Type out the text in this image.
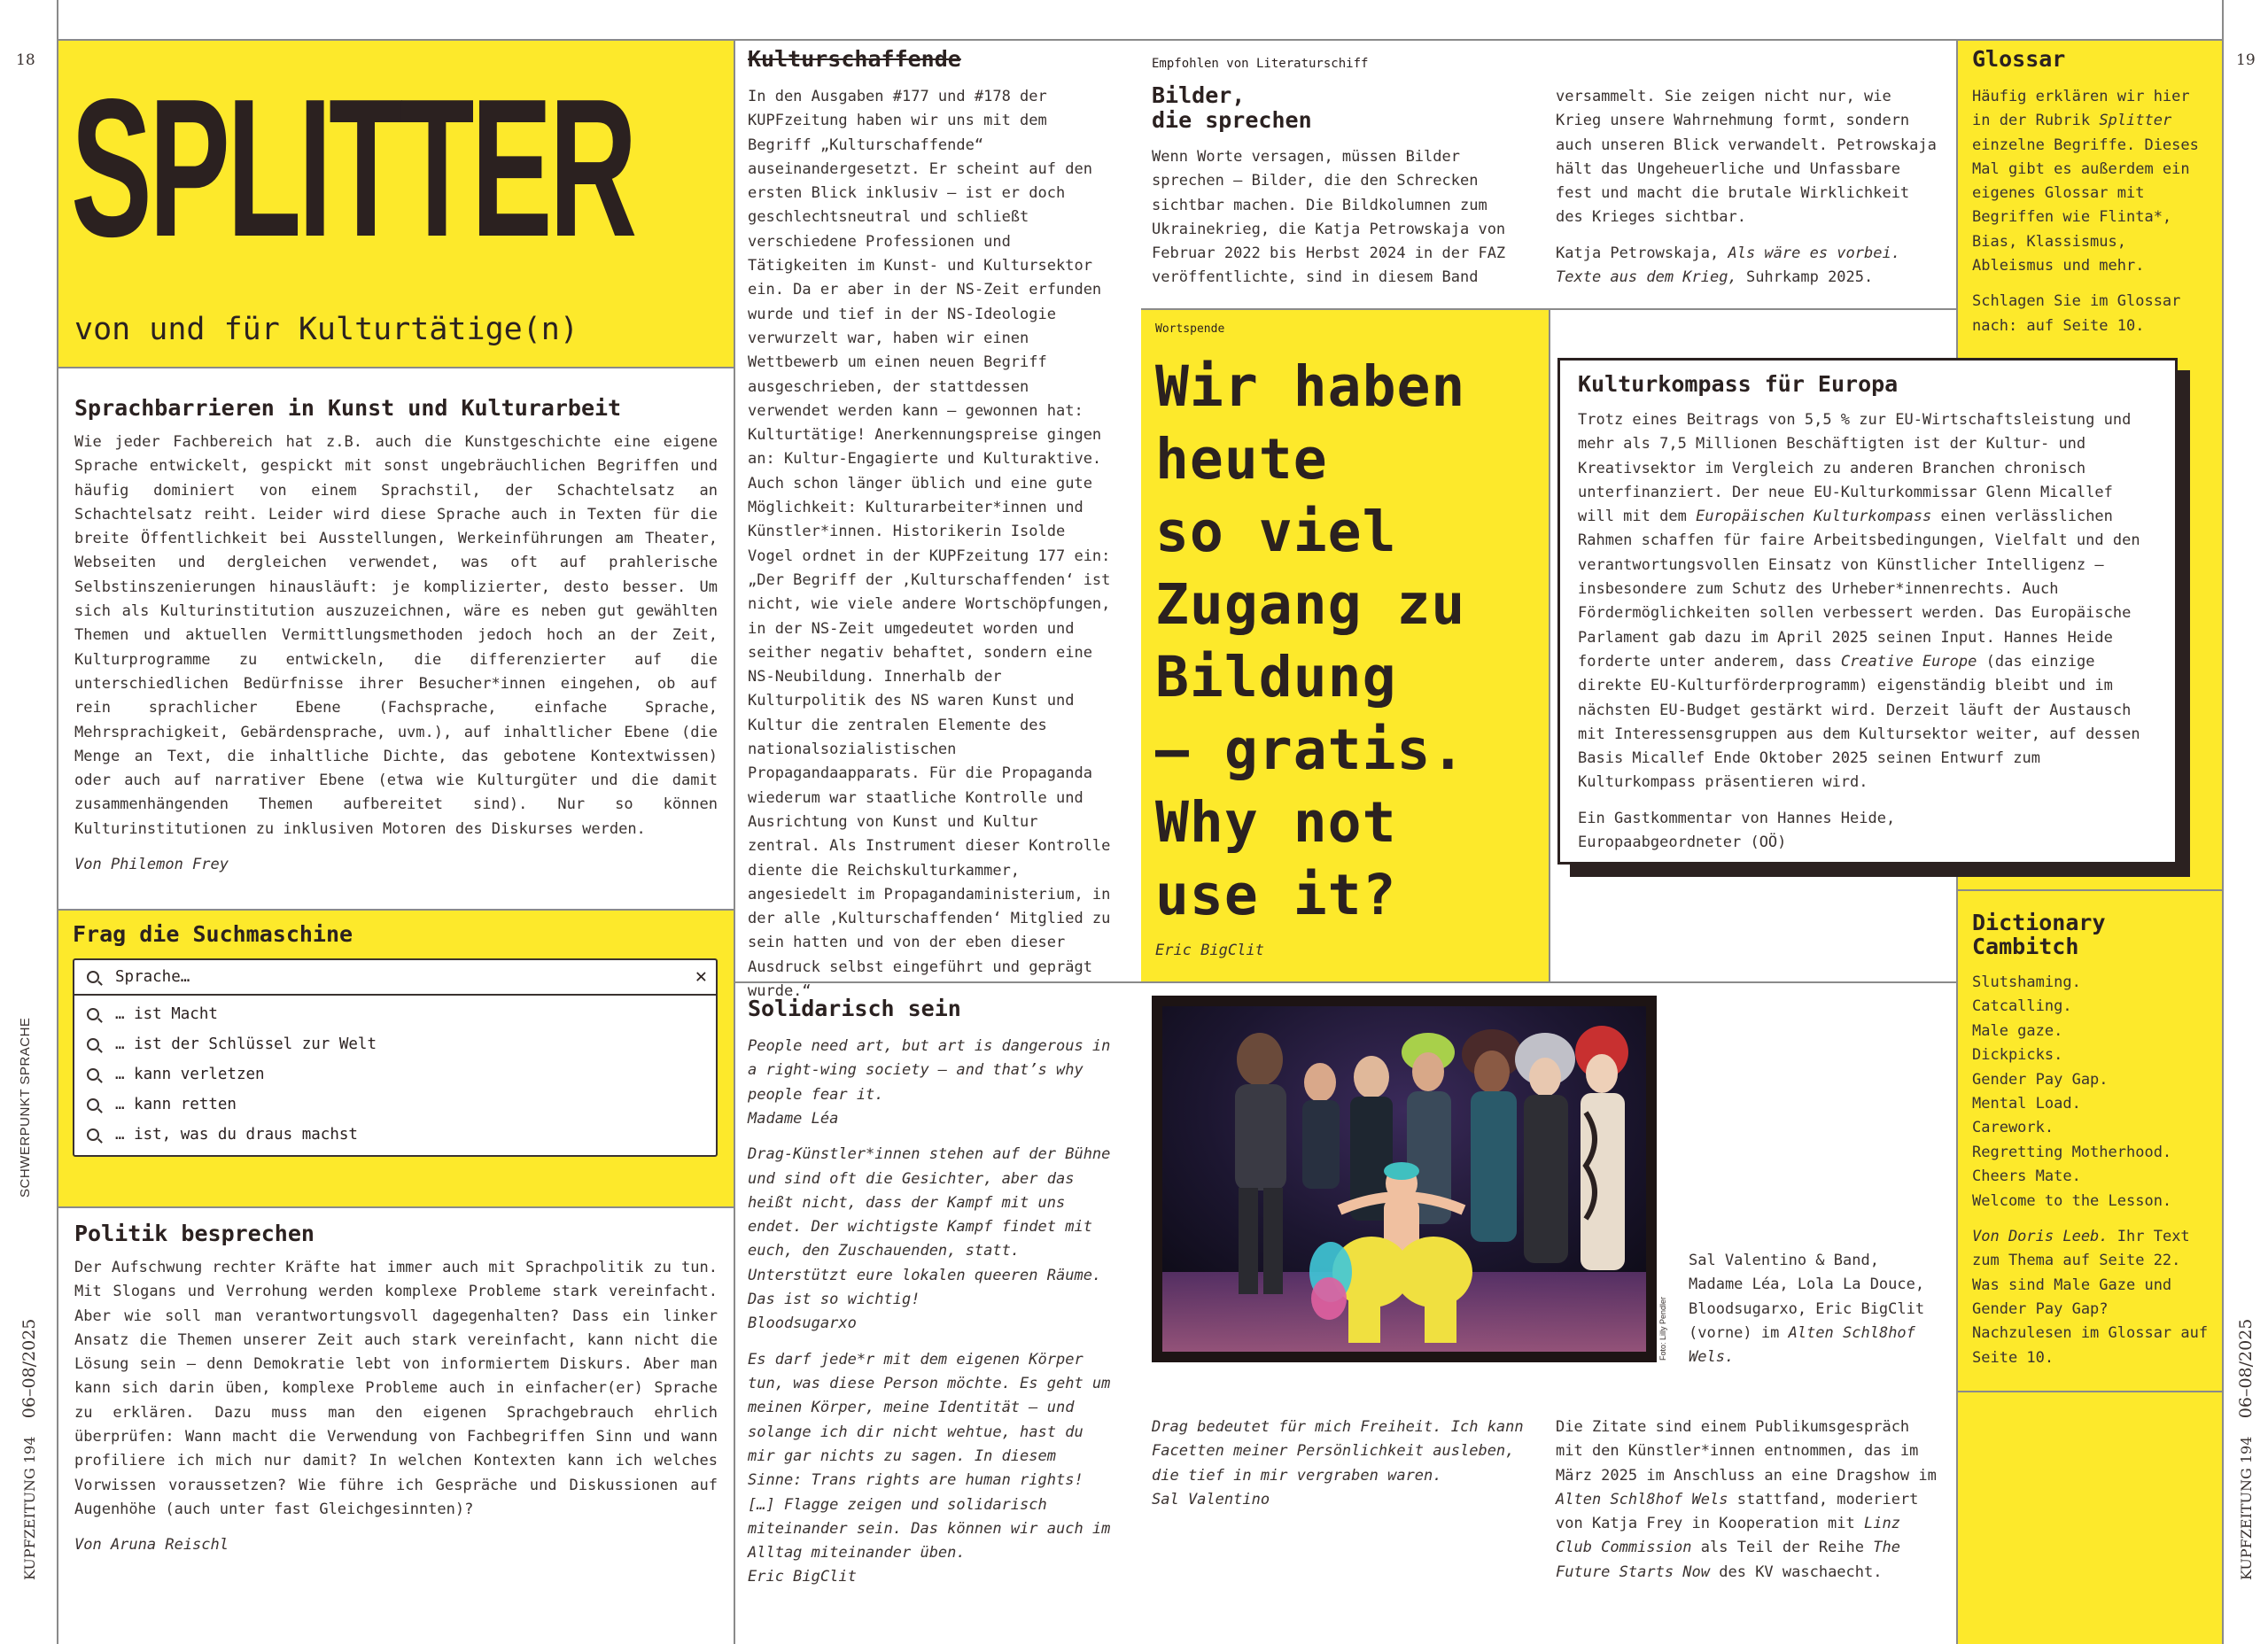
18	19
SCHWERPUNKT SPRACHE
KUPFZEITUNG 194    06–08/2025
KUPFZEITUNG 194    06–08/2025
SPLITTER
von und für Kulturtätige(n)
Sprachbarrieren in Kunst und Kulturarbeit
Wie jeder Fachbereich hat z.B. auch die Kunstgeschichte eine eigene Sprache entwickelt, gespickt mit sonst ungebräuchlichen Begriffen und häufig dominiert von einem Sprachstil, der Schachtelsatz an Schachtelsatz reiht. Leider wird diese Sprache auch in Texten für die breite Öffentlichkeit bei Ausstellungen, Werkeinführungen am Theater, Webseiten und dergleichen verwendet, was oft auf prahlerische Selbstinszenierungen hinausläuft: je komplizierter, desto besser. Um sich als Kulturinstitution auszuzeichnen, wäre es neben gut gewählten Themen und aktuellen Vermittlungsmethoden jedoch hoch an der Zeit, Kulturprogramme zu entwickeln, die differenzierter auf die unterschiedlichen Bedürfnisse ihrer Besucher*innen eingehen, ob auf rein sprachlicher Ebene (Fachsprache, einfache Sprache, Mehrsprachigkeit, Gebärdensprache, uvm.), auf inhaltlicher Ebene (die Menge an Text, die inhaltliche Dichte, das gebotene Kontextwissen) oder auch auf narrativer Ebene (etwa wie Kulturgüter und die damit zusammenhängenden Themen aufbereitet sind). Nur so können Kulturinstitutionen zu inklusiven Motoren des Diskurses werden.
Von Philemon Frey
Frag die Suchmaschine
Sprache…	✕
… ist Macht
… ist der Schlüssel zur Welt
… kann verletzen
… kann retten
… ist, was du draus machst
Politik besprechen
Der Aufschwung rechter Kräfte hat immer auch mit Sprachpolitik zu tun. Mit Slogans und Verrohung werden komplexe Probleme stark vereinfacht. Aber wie soll man verantwortungsvoll dagegenhalten? Dass ein linker Ansatz die Themen unserer Zeit auch stark vereinfacht, kann nicht die Lösung sein – denn Demokratie lebt von informiertem Diskurs. Aber man kann sich darin üben, komplexe Probleme auch in einfacher(er) Sprache zu erklären. Dazu muss man den eigenen Sprachgebrauch ehrlich überprüfen: Wann macht die Verwendung von Fachbegriffen Sinn und wann profiliere ich mich nur damit? In welchen Kontexten kann ich welches Vorwissen voraussetzen? Wie führe ich Gespräche und Diskussionen auf Augenhöhe (auch unter fast Gleichgesinnten)?
Von Aruna Reischl
Kulturschaffende
In den Ausgaben #177 und #178 der KUPFzeitung haben wir uns mit dem Begriff „Kulturschaffende“ auseinandergesetzt. Er scheint auf den ersten Blick inklusiv – ist er doch geschlechtsneutral und schließt verschiedene Professionen und Tätigkeiten im Kunst- und Kultursektor ein. Da er aber in der NS-Zeit erfunden wurde und tief in der NS-Ideologie verwurzelt war, haben wir einen Wettbewerb um einen neuen Begriff ausgeschrieben, der stattdessen verwendet werden kann – gewonnen hat: Kulturtätige! Anerkennungspreise gingen an: Kultur-Engagierte und Kulturaktive. Auch schon länger üblich und eine gute Möglichkeit: Kulturarbeiter*innen und Künstler*innen. Historikerin Isolde Vogel ordnet in der KUPFzeitung 177 ein: „Der Begriff der ‚Kulturschaffenden‘ ist nicht, wie viele andere Wortschöpfungen, in der NS-Zeit umgedeutet worden und seither negativ behaftet, sondern eine NS-Neubildung. Innerhalb der Kulturpolitik des NS waren Kunst und Kultur die zentralen Elemente des nationalsozialistischen Propagandaapparats. Für die Propaganda wiederum war staatliche Kontrolle und Ausrichtung von Kunst und Kultur zentral. Als Instrument dieser Kontrolle diente die Reichskulturkammer, angesiedelt im Propagandaministerium, in der alle ‚Kulturschaffenden‘ Mitglied zu sein hatten und von der eben dieser Ausdruck selbst eingeführt und geprägt wurde.“
Empfohlen von Literaturschiff
Bilder,
die sprechen
Wenn Worte versagen, müssen Bilder sprechen – Bilder, die den Schrecken sichtbar machen. Die Bildkolumnen zum Ukrainekrieg, die Katja Petrowskaja von Februar 2022 bis Herbst 2024 in der FAZ veröffentlichte, sind in diesem Band
versammelt. Sie zeigen nicht nur, wie Krieg unsere Wahrnehmung formt, sondern auch unseren Blick verwandelt. Petrowskaja hält das Ungeheuerliche und Unfassbare fest und macht die brutale Wirklichkeit des Krieges sichtbar.
Katja Petrowskaja, Als wäre es vorbei. Texte aus dem Krieg, Suhrkamp 2025.
Glossar
Häufig erklären wir hier in der Rubrik Splitter einzelne Begriffe. Dieses Mal gibt es außerdem ein eigenes Glossar mit Begriffen wie Flinta*, Bias, Klassismus, Ableismus und mehr.
Schlagen Sie im Glossar nach: auf Seite 10.
Wortspende
Wir haben
heute
so viel
Zugang zu
Bildung
– gratis.
Why not
use it?
Eric BigClit
Kulturkompass für Europa
Trotz eines Beitrags von 5,5 % zur EU-Wirtschaftsleistung und mehr als 7,5 Millionen Beschäftigten ist der Kultur- und Kreativsektor im Vergleich zu anderen Branchen chronisch unterfinanziert. Der neue EU-Kulturkommissar Glenn Micallef will mit dem Europäischen Kulturkompass einen verlässlichen Rahmen schaffen für faire Arbeitsbedingungen, Vielfalt und den verantwortungsvollen Einsatz von Künstlicher Intelligenz – insbesondere zum Schutz des Urheber*innenrechts. Auch Fördermöglichkeiten sollen verbessert werden. Das Europäische Parlament gab dazu im April 2025 seinen Input. Hannes Heide forderte unter anderem, dass Creative Europe (das einzige direkte EU-Kulturförderprogramm) eigenständig bleibt und im nächsten EU-Budget gestärkt wird. Derzeit läuft der Austausch mit Interessensgruppen aus dem Kultursektor weiter, auf dessen Basis Micallef Ende Oktober 2025 seinen Entwurf zum Kulturkompass präsentieren wird.
Ein Gastkommentar von Hannes Heide, Europaabgeordneter (OÖ)
Dictionary Cambitch
Slutshaming.
Catcalling.
Male gaze.
Dickpicks.
Gender Pay Gap.
Mental Load.
Carework.
Regretting Motherhood.
Cheers Mate.
Welcome to the Lesson.
Von Doris Leeb. Ihr Text zum Thema auf Seite 22. Was sind Male Gaze und Gender Pay Gap? Nachzulesen im Glossar auf Seite 10.
Solidarisch sein
People need art, but art is dangerous in a right-wing society – and that’s why people fear it.
Madame Léa
Drag-Künstler*innen stehen auf der Bühne und sind oft die Gesichter, aber das heißt nicht, dass der Kampf mit uns endet. Der wichtigste Kampf findet mit euch, den Zuschauenden, statt. Unterstützt eure lokalen queeren Räume. Das ist so wichtig!
Bloodsugarxo
Es darf jede*r mit dem eigenen Körper tun, was diese Person möchte. Es geht um meinen Körper, meine Identität – und solange ich dir nicht wehtue, hast du mir gar nichts zu sagen. In diesem Sinne: Trans rights are human rights! […] Flagge zeigen und solidarisch miteinander sein. Das können wir auch im Alltag miteinander üben.
Eric BigClit
Foto: Lilly Pendler
Sal Valentino & Band, Madame Léa, Lola La Douce, Bloodsugarxo, Eric BigClit (vorne) im Alten Schl8hof Wels.
Drag bedeutet für mich Freiheit. Ich kann Facetten meiner Persönlichkeit ausleben, die tief in mir vergraben waren.
Sal Valentino
Die Zitate sind einem Publikumsgespräch mit den Künstler*innen entnommen, das im März 2025 im Anschluss an eine Dragshow im Alten Schl8hof Wels stattfand, moderiert von Katja Frey in Kooperation mit Linz Club Commission als Teil der Reihe The Future Starts Now des KV waschaecht.
